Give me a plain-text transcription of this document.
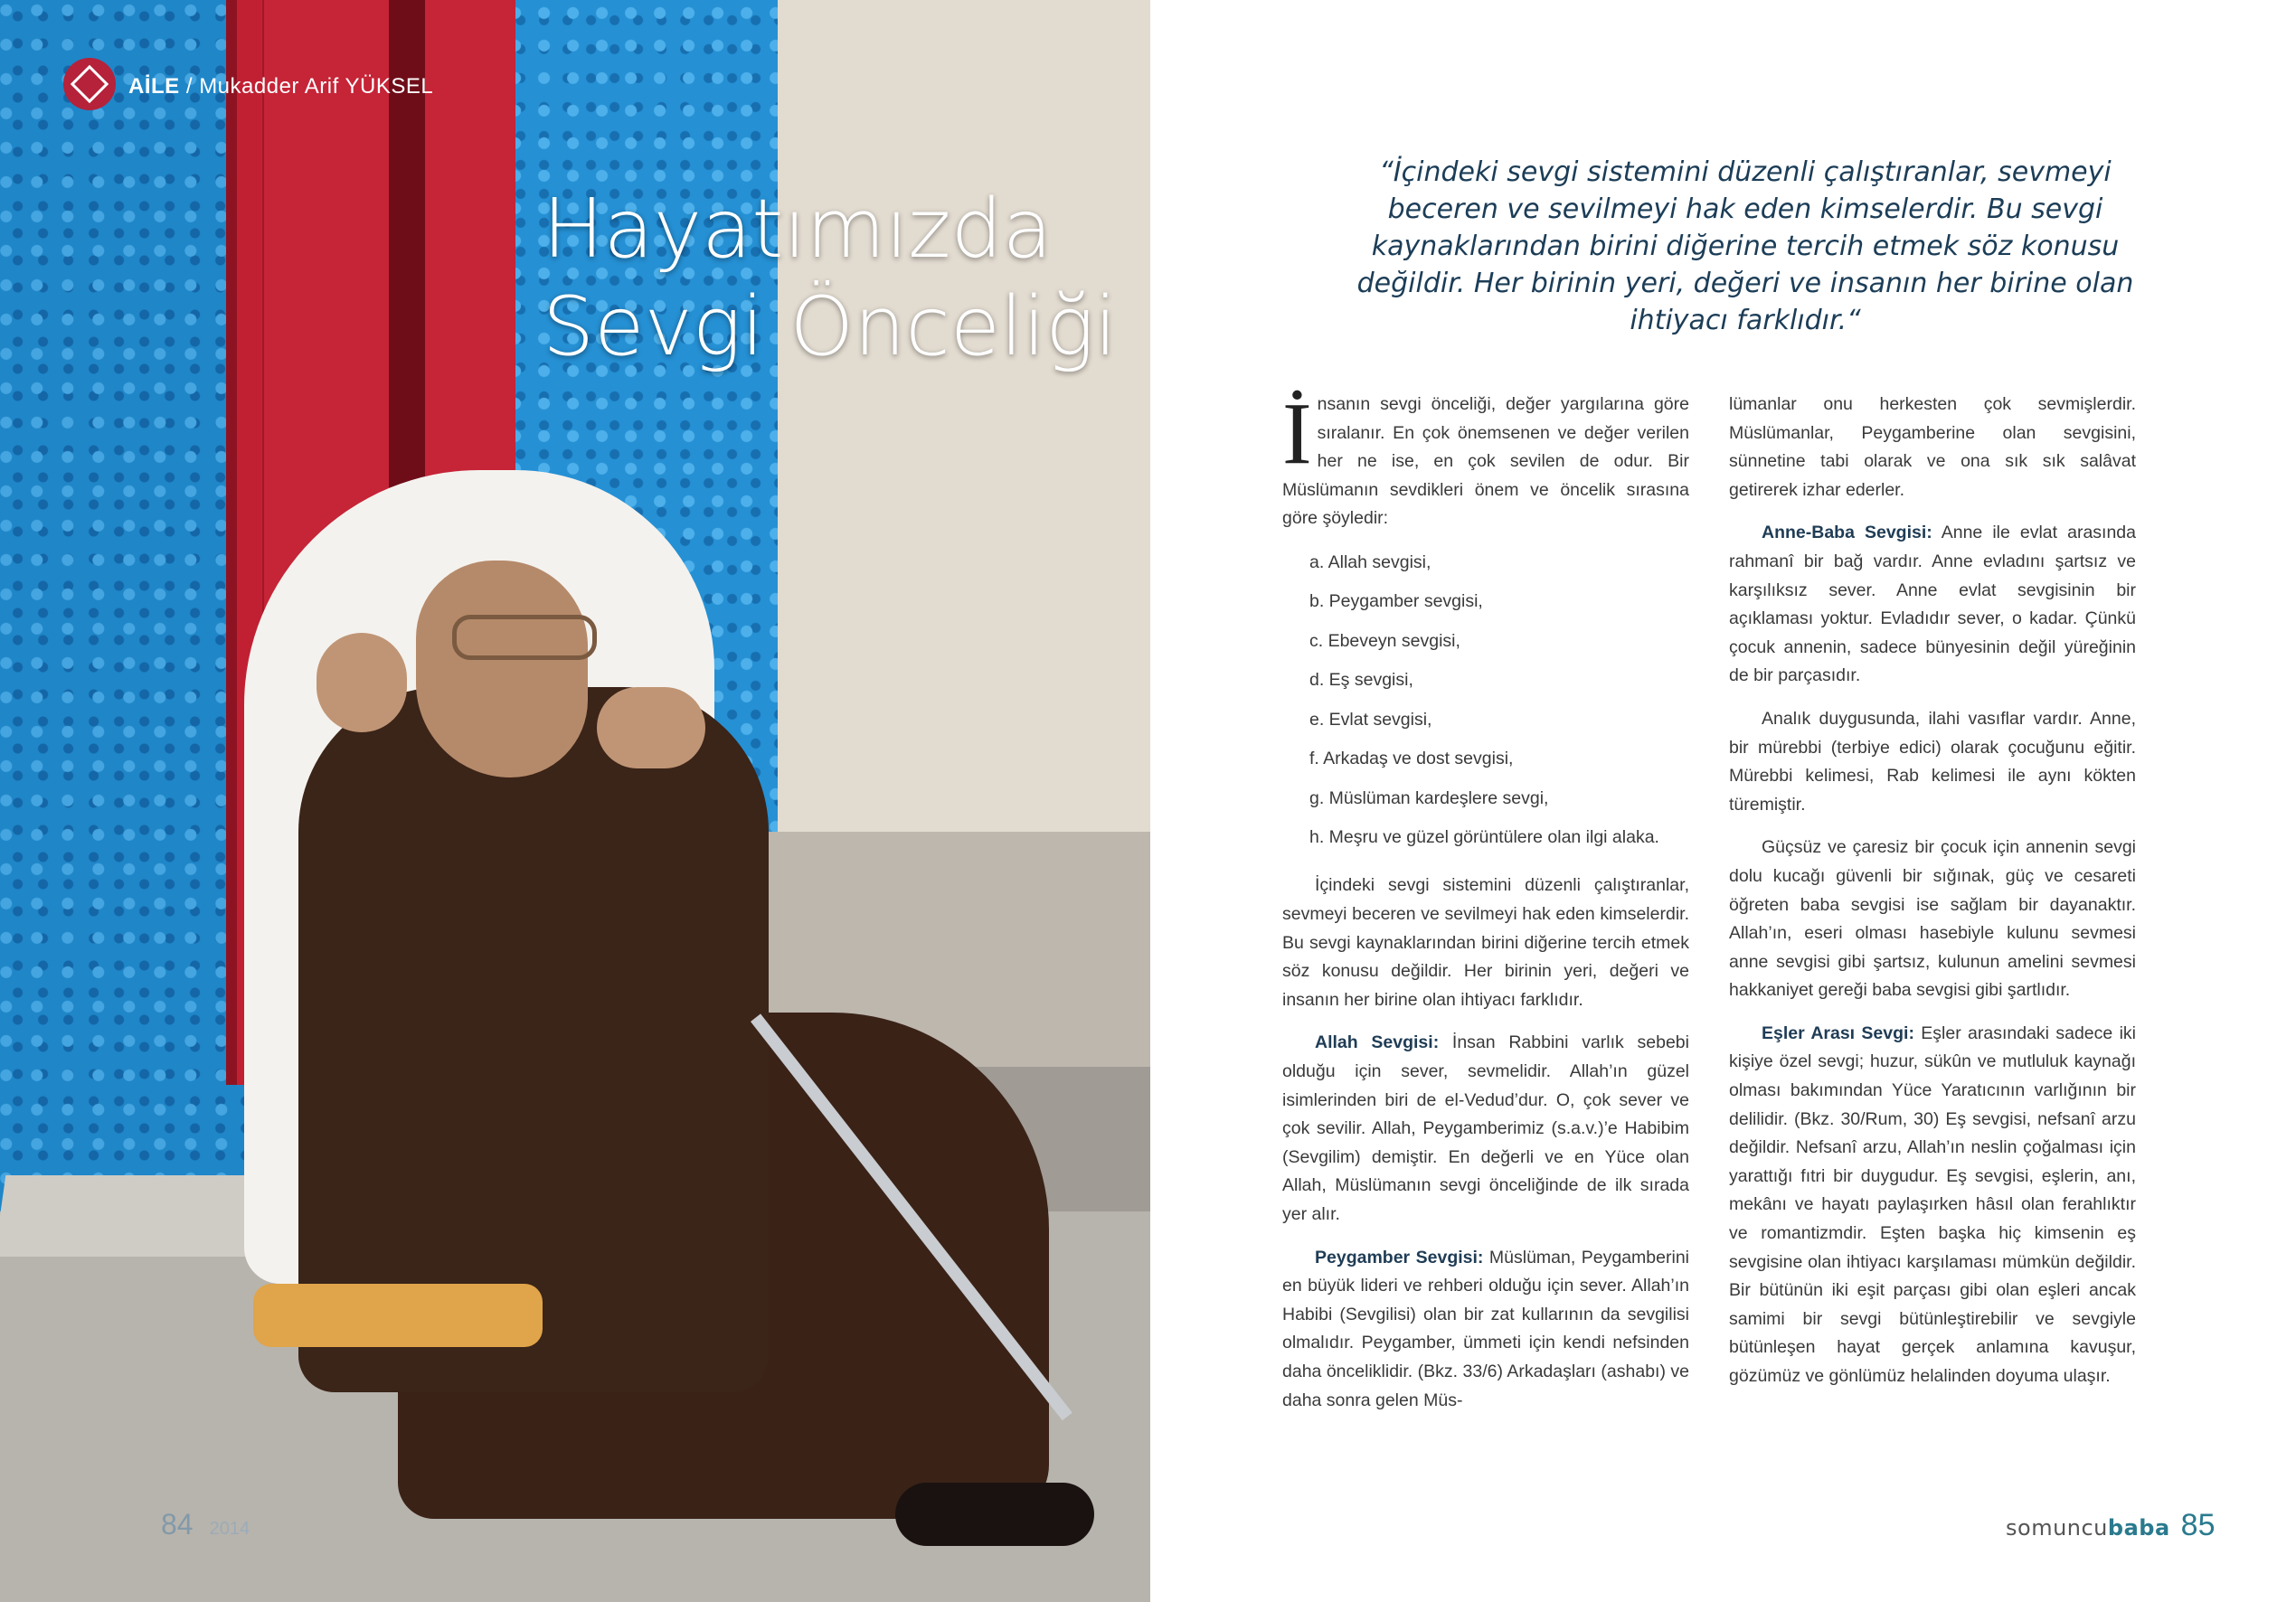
AİLE / Mukadder Arif YÜKSEL
Hayatımızda
Sevgi Önceliği
84 2014
“İçindeki sevgi sistemini düzenli çalıştıranlar, sevmeyi
beceren ve sevilmeyi hak eden kimselerdir. Bu sevgi
kaynaklarından birini diğerine tercih etmek söz konusu
değildir. Her birinin yeri, değeri ve insanın her birine olan
ihtiyacı farklıdır.“

İnsanın sevgi önceliği, değer yargılarına göre sıralanır. En çok önemsenen ve değer verilen her ne ise, en çok sevilen de odur. Bir Müslümanın sevdikleri önem ve öncelik sırasına göre şöyledir:

a. Allah sevgisi,
b. Peygamber sevgisi,
c. Ebeveyn sevgisi,
d. Eş sevgisi,
e. Evlat sevgisi,
f. Arkadaş ve dost sevgisi,
g. Müslüman kardeşlere sevgi,
h. Meşru ve güzel görüntülere olan ilgi alaka.

İçindeki sevgi sistemini düzenli çalıştıranlar, sevmeyi beceren ve sevilmeyi hak eden kimselerdir. Bu sevgi kaynaklarından birini diğerine tercih etmek söz konusu değildir. Her birinin yeri, değeri ve insanın her birine olan ihtiyacı farklıdır.

Allah Sevgisi: İnsan Rabbini varlık sebebi olduğu için sever, sevmelidir. Allah’ın güzel isimlerinden biri de el-Vedud’dur. O, çok sever ve çok sevilir. Allah, Peygamberimiz (s.a.v.)’e Habibim (Sevgilim) demiştir. En değerli ve en Yüce olan Allah, Müslümanın sevgi önceliğinde de ilk sırada yer alır.

Peygamber Sevgisi: Müslüman, Peygamberini en büyük lideri ve rehberi olduğu için sever. Allah’ın Habibi (Sevgilisi) olan bir zat kullarının da sevgilisi olmalıdır. Peygamber, ümmeti için kendi nefsinden daha önceliklidir. (Bkz. 33/6) Arkadaşları (ashabı) ve daha sonra gelen Müs-

lümanlar onu herkesten çok sevmişlerdir. Müslümanlar, Peygamberine olan sevgisini, sünnetine tabi olarak ve ona sık sık salâvat getirerek izhar ederler.

Anne-Baba Sevgisi: Anne ile evlat arasında rahmanî bir bağ vardır. Anne evladını şartsız ve karşılıksız sever. Anne evlat sevgisinin bir açıklaması yoktur. Evladıdır sever, o kadar. Çünkü çocuk annenin, sadece bünyesinin değil yüreğinin de bir parçasıdır.

Analık duygusunda, ilahi vasıflar vardır. Anne, bir mürebbi (terbiye edici) olarak çocuğunu eğitir. Mürebbi kelimesi, Rab kelimesi ile aynı kökten türemiştir.

Güçsüz ve çaresiz bir çocuk için annenin sevgi dolu kucağı güvenli bir sığınak, güç ve cesareti öğreten baba sevgisi ise sağlam bir dayanaktır. Allah’ın, eseri olması hasebiyle kulunu sevmesi anne sevgisi gibi şartsız, kulunun amelini sevmesi hakkaniyet gereği baba sevgisi gibi şartlıdır.

Eşler Arası Sevgi: Eşler arasındaki sadece iki kişiye özel sevgi; huzur, sükûn ve mutluluk kaynağı olması bakımından Yüce Yaratıcının varlığının bir delilidir. (Bkz. 30/Rum, 30) Eş sevgisi, nefsanî arzu değildir. Nefsanî arzu, Allah’ın neslin çoğalması için yarattığı fıtri bir duygudur. Eş sevgisi, eşlerin, anı, mekânı ve hayatı paylaşırken hâsıl olan ferahlıktır ve romantizmdir. Eşten başka hiç kimsenin eş sevgisine olan ihtiyacı karşılaması mümkün değildir. Bir bütünün iki eşit parçası gibi olan eşleri ancak samimi bir sevgi bütünleştirebilir ve sevgiyle bütünleşen hayat gerçek anlamına kavuşur, gözümüz ve gönlümüz helalinden doyuma ulaşır.

somuncubaba 85
